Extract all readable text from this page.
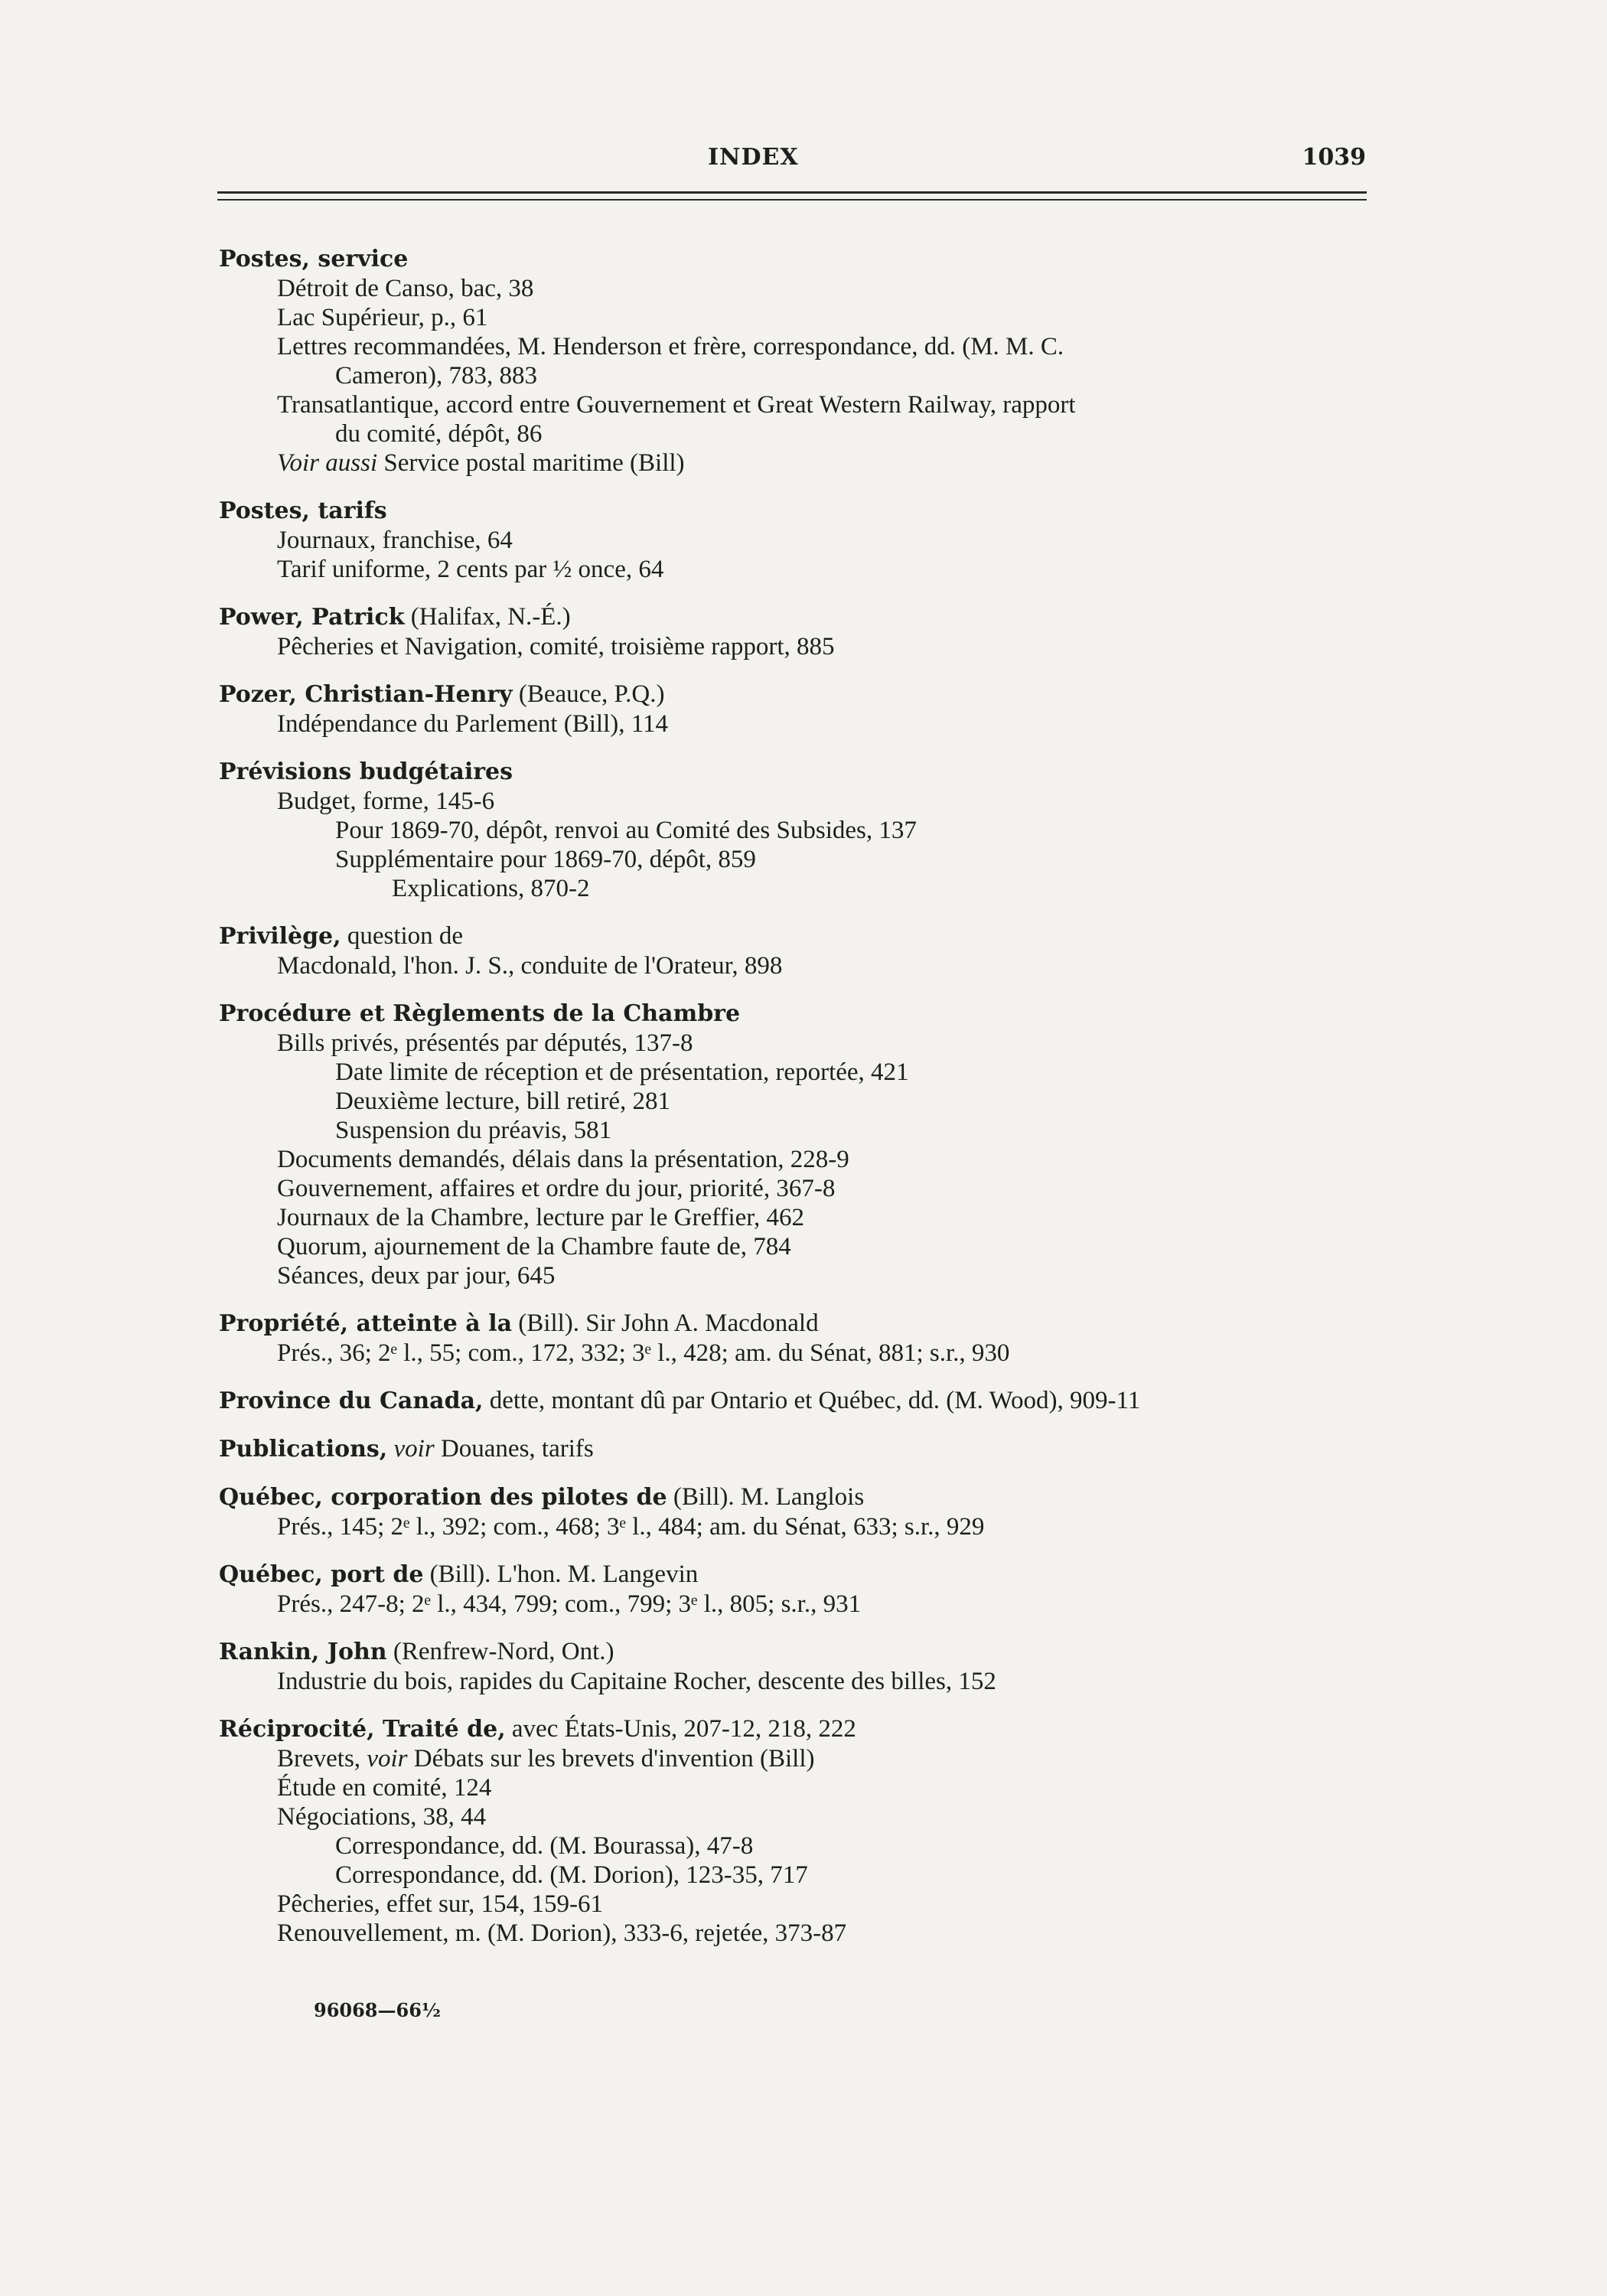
INDEX	1039
Postes, service
Détroit de Canso, bac, 38
Lac Supérieur, p., 61
Lettres recommandées, M. Henderson et frère, correspondance, dd. (M. M. C.
Cameron), 783, 883
Transatlantique, accord entre Gouvernement et Great Western Railway, rapport
du comité, dépôt, 86
Voir aussi Service postal maritime (Bill)
Postes, tarifs
Journaux, franchise, 64
Tarif uniforme, 2 cents par ½ once, 64
Power, Patrick (Halifax, N.-É.)
Pêcheries et Navigation, comité, troisième rapport, 885
Pozer, Christian-Henry (Beauce, P.Q.)
Indépendance du Parlement (Bill), 114
Prévisions budgétaires
Budget, forme, 145-6
Pour 1869-70, dépôt, renvoi au Comité des Subsides, 137
Supplémentaire pour 1869-70, dépôt, 859
Explications, 870-2
Privilège, question de
Macdonald, l'hon. J. S., conduite de l'Orateur, 898
Procédure et Règlements de la Chambre
Bills privés, présentés par députés, 137-8
Date limite de réception et de présentation, reportée, 421
Deuxième lecture, bill retiré, 281
Suspension du préavis, 581
Documents demandés, délais dans la présentation, 228-9
Gouvernement, affaires et ordre du jour, priorité, 367-8
Journaux de la Chambre, lecture par le Greffier, 462
Quorum, ajournement de la Chambre faute de, 784
Séances, deux par jour, 645
Propriété, atteinte à la (Bill). Sir John A. Macdonald
Prés., 36; 2ᵉ l., 55; com., 172, 332; 3ᵉ l., 428; am. du Sénat, 881; s.r., 930
Province du Canada, dette, montant dû par Ontario et Québec, dd. (M. Wood), 909-11
Publications, voir Douanes, tarifs
Québec, corporation des pilotes de (Bill). M. Langlois
Prés., 145; 2ᵉ l., 392; com., 468; 3ᵉ l., 484; am. du Sénat, 633; s.r., 929
Québec, port de (Bill). L'hon. M. Langevin
Prés., 247-8; 2ᵉ l., 434, 799; com., 799; 3ᵉ l., 805; s.r., 931
Rankin, John (Renfrew-Nord, Ont.)
Industrie du bois, rapides du Capitaine Rocher, descente des billes, 152
Réciprocité, Traité de, avec États-Unis, 207-12, 218, 222
Brevets, voir Débats sur les brevets d'invention (Bill)
Étude en comité, 124
Négociations, 38, 44
Correspondance, dd. (M. Bourassa), 47-8
Correspondance, dd. (M. Dorion), 123-35, 717
Pêcheries, effet sur, 154, 159-61
Renouvellement, m. (M. Dorion), 333-6, rejetée, 373-87
96068—66½
